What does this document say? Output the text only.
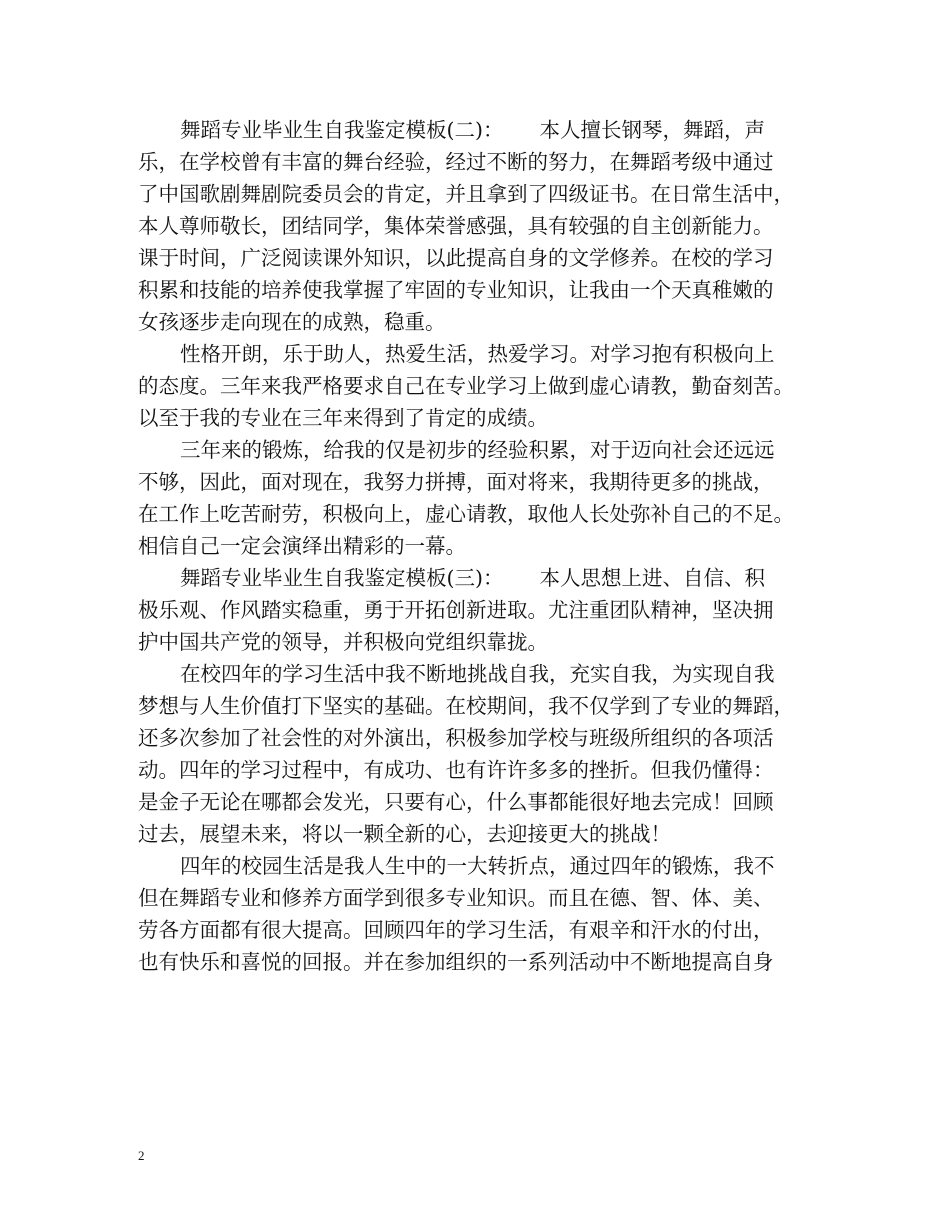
舞蹈专业毕业生自我鉴定模板(二)： 本人擅长钢琴，舞蹈，声
乐，在学校曾有丰富的舞台经验，经过不断的努力，在舞蹈考级中通过
了中国歌剧舞剧院委员会的肯定，并且拿到了四级证书。在日常生活中，
本人尊师敬长，团结同学，集体荣誉感强，具有较强的自主创新能力。
课于时间，广泛阅读课外知识，以此提高自身的文学修养。在校的学习
积累和技能的培养使我掌握了牢固的专业知识，让我由一个天真稚嫩的
女孩逐步走向现在的成熟，稳重。
性格开朗，乐于助人，热爱生活，热爱学习。对学习抱有积极向上
的态度。三年来我严格要求自己在专业学习上做到虚心请教，勤奋刻苦。
以至于我的专业在三年来得到了肯定的成绩。
三年来的锻炼，给我的仅是初步的经验积累，对于迈向社会还远远
不够，因此，面对现在，我努力拼搏，面对将来，我期待更多的挑战，
在工作上吃苦耐劳，积极向上，虚心请教，取他人长处弥补自己的不足。
相信自己一定会演绎出精彩的一幕。
舞蹈专业毕业生自我鉴定模板(三)： 本人思想上进、自信、积
极乐观、作风踏实稳重，勇于开拓创新进取。尤注重团队精神，坚决拥
护中国共产党的领导，并积极向党组织靠拢。
在校四年的学习生活中我不断地挑战自我，充实自我，为实现自我
梦想与人生价值打下坚实的基础。在校期间，我不仅学到了专业的舞蹈，
还多次参加了社会性的对外演出，积极参加学校与班级所组织的各项活
动。四年的学习过程中，有成功、也有许许多多的挫折。但我仍懂得：
是金子无论在哪都会发光，只要有心，什么事都能很好地去完成！回顾
过去，展望未来，将以一颗全新的心，去迎接更大的挑战！
四年的校园生活是我人生中的一大转折点，通过四年的锻炼，我不
但在舞蹈专业和修养方面学到很多专业知识。而且在德、智、体、美、
劳各方面都有很大提高。回顾四年的学习生活，有艰辛和汗水的付出，
也有快乐和喜悦的回报。并在参加组织的一系列活动中不断地提高自身
2
